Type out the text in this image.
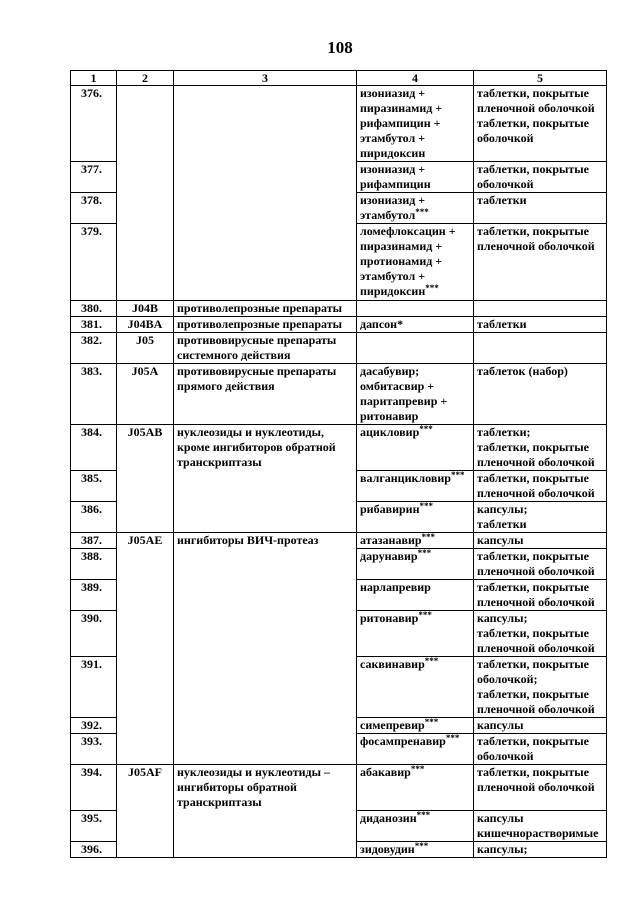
108
1	2	3	4	5
376.			изониазид +
пиразинамид +
рифампицин +
этамбутол +
пиридоксин	таблетки, покрытые
пленочной оболочкой
таблетки, покрытые
оболочкой
377.			изониазид +
рифампицин	таблетки, покрытые
оболочкой
378.			изониазид +
этамбутол***	таблетки
379.			ломефлоксацин +
пиразинамид +
протионамид +
этамбутол +
пиридоксин***	таблетки, покрытые
пленочной оболочкой
380.	J04B	противолепрозные препараты		
381.	J04BA	противолепрозные препараты	дапсон*	таблетки
382.	J05	противовирусные препараты
системного действия		
383.	J05A	противовирусные препараты
прямого действия	дасабувир;
омбитасвир +
паритапревир +
ритонавир	таблеток (набор)
384.	J05AB	нуклеозиды и нуклеотиды,
кроме ингибиторов обратной
транскриптазы	ацикловир***	таблетки;
таблетки, покрытые
пленочной оболочкой
385.			валганцикловир***	таблетки, покрытые
пленочной оболочкой
386.			рибавирин***	капсулы;
таблетки
387.	J05AE	ингибиторы ВИЧ-протеаз	атазанавир***	капсулы
388.			дарунавир***	таблетки, покрытые
пленочной оболочкой
389.			нарлапревир	таблетки, покрытые
пленочной оболочкой
390.			ритонавир***	капсулы;
таблетки, покрытые
пленочной оболочкой
391.			саквинавир***	таблетки, покрытые
оболочкой;
таблетки, покрытые
пленочной оболочкой
392.			симепревир***	капсулы
393.			фосампренавир***	таблетки, покрытые
оболочкой
394.	J05AF	нуклеозиды и нуклеотиды –
ингибиторы обратной
транскриптазы	абакавир***	таблетки, покрытые
пленочной оболочкой
395.			диданозин***	капсулы
кишечнорастворимые
396.			зидовудин***	капсулы;
